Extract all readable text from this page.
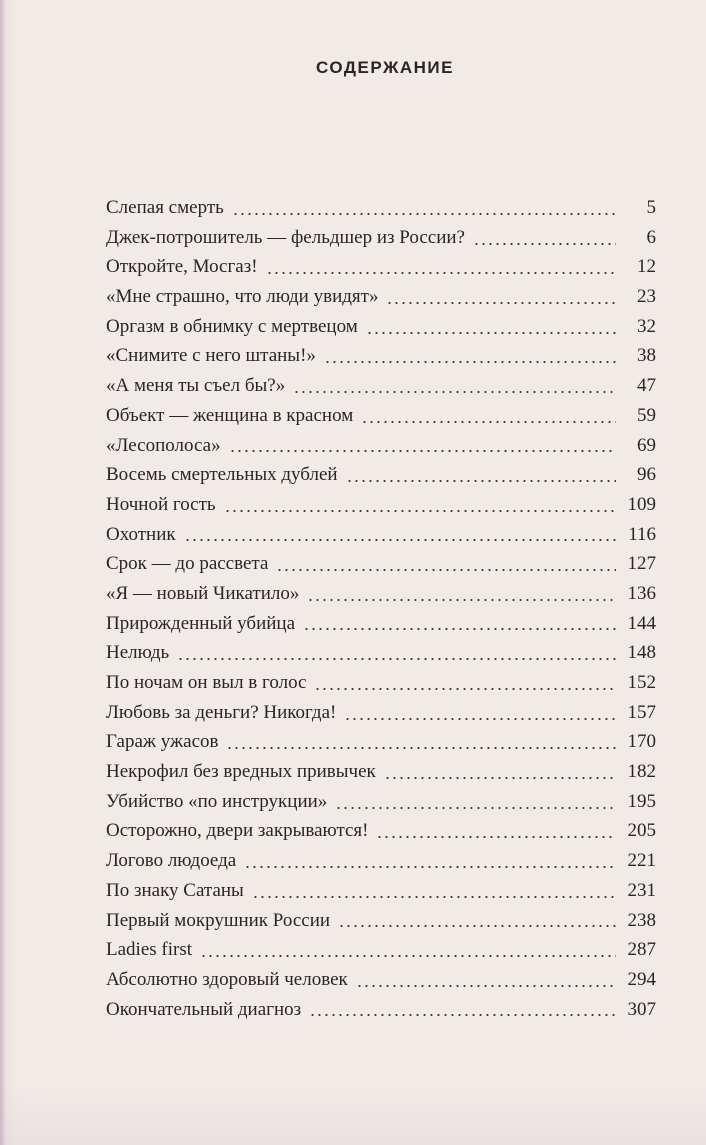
СОДЕРЖАНИЕ
Слепая смерть	5
Джек-потрошитель — фельдшер из России?	6
Откройте, Мосгаз!	12
«Мне страшно, что люди увидят»	23
Оргазм в обнимку с мертвецом	32
«Снимите с него штаны!»	38
«А меня ты съел бы?»	47
Объект — женщина в красном	59
«Лесополоса»	69
Восемь смертельных дублей	96
Ночной гость	109
Охотник	116
Срок — до рассвета	127
«Я — новый Чикатило»	136
Прирожденный убийца	144
Нелюдь	148
По ночам он выл в голос	152
Любовь за деньги? Никогда!	157
Гараж ужасов	170
Некрофил без вредных привычек	182
Убийство «по инструкции»	195
Осторожно, двери закрываются!	205
Логово людоеда	221
По знаку Сатаны	231
Первый мокрушник России	238
Ladies first	287
Абсолютно здоровый человек	294
Окончательный диагноз	307
